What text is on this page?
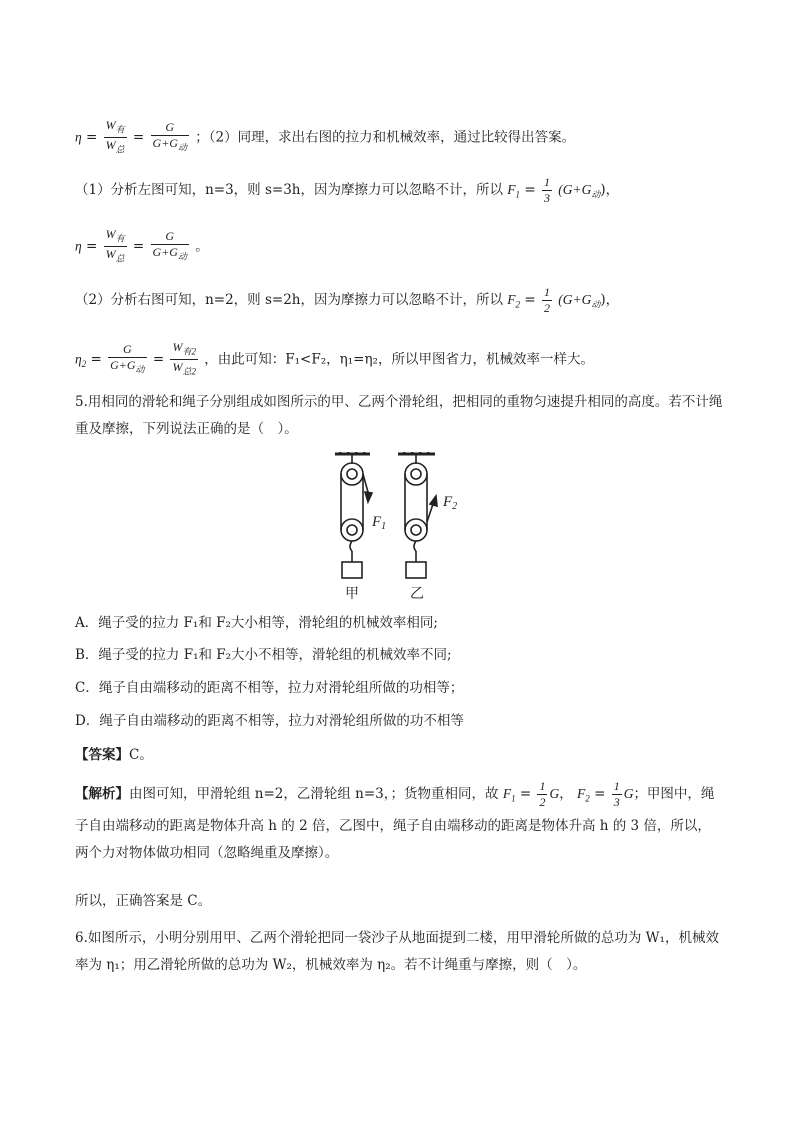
$\eta = \frac{W_有}{W_总} = \frac{G}{G+G_动}$ ；（2）同理，求出右图的拉力和机械效率，通过比较得出答案。
（1）分析左图可知，n=3，则 s=3h，因为摩擦力可以忽略不计，所以 $F_1 = \frac{1}{3} (G+G_动)$，
$\eta = \frac{W_有}{W_总} = \frac{G}{G+G_动}$ 。
（2）分析右图可知，n=2，则 s=2h，因为摩擦力可以忽略不计，所以 $F_2 = \frac{1}{2} (G+G_动)$，
$\eta_2 = \frac{G}{G+G_动} = \frac{W_{有2}}{W_{总2}}$ ，由此可知：F₁<F₂，η₁=η₂，所以甲图省力，机械效率一样大。
5.用相同的滑轮和绳子分别组成如图所示的甲、乙两个滑轮组，把相同的重物匀速提升相同的高度。若不计绳重及摩擦，下列说法正确的是（　）。
$F_1$
$F_2$
甲	乙
A．绳子受的拉力 F₁和 F₂大小相等，滑轮组的机械效率相同;
B．绳子受的拉力 F₁和 F₂大小不相等，滑轮组的机械效率不同;
C．绳子自由端移动的距离不相等，拉力对滑轮组所做的功相等；
D．绳子自由端移动的距离不相等，拉力对滑轮组所做的功不相等
【答案】C。
【解析】由图可知，甲滑轮组 n=2，乙滑轮组 n=3，；货物重相同，故 $F_1 = \frac{1}{2}$ G， $F_2 = \frac{1}{3}$ G；甲图中，绳子自由端移动的距离是物体升高 h 的 2 倍，乙图中，绳子自由端移动的距离是物体升高 h 的 3 倍，所以，两个力对物体做功相同（忽略绳重及摩擦）。
所以，正确答案是 C。
6.如图所示，小明分别用甲、乙两个滑轮把同一袋沙子从地面提到二楼，用甲滑轮所做的总功为 W₁，机械效率为 η₁；用乙滑轮所做的总功为 W₂，机械效率为 η₂。若不计绳重与摩擦，则（　）。
